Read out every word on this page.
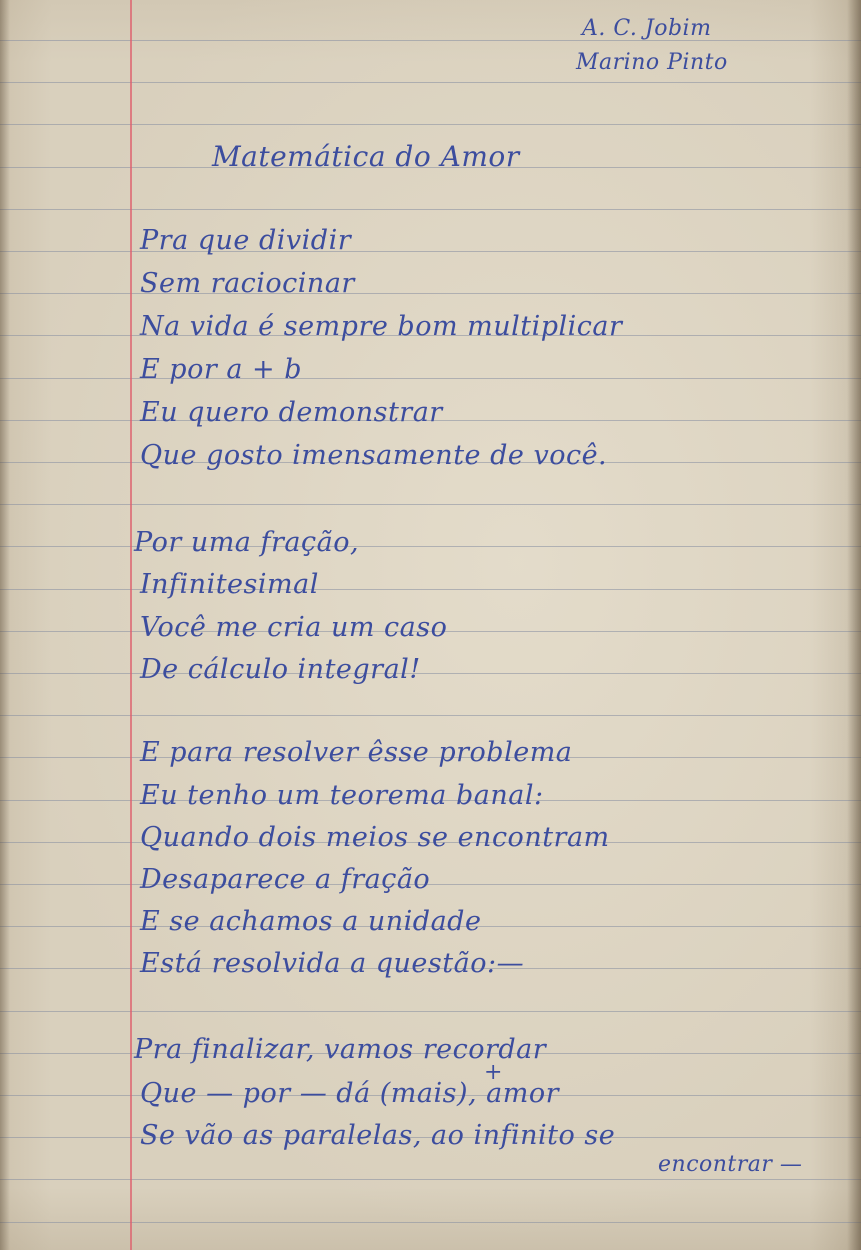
A. C. Jobim
Marino Pinto
Matemática do Amor
Pra que dividir
Sem raciocinar
Na vida é sempre bom multiplicar
E por a + b
Eu quero demonstrar
Que gosto imensamente de você.
Por uma fração,
Infinitesimal
Você me cria um caso
De cálculo integral!
E para resolver êsse problema
Eu tenho um teorema banal:
Quando dois meios se encontram
Desaparece a fração
E se achamos a unidade
Está resolvida a questão:—
Pra finalizar, vamos recordar
+
Que — por — dá (mais), amor
Se vão as paralelas, ao infinito se
encontrar —
